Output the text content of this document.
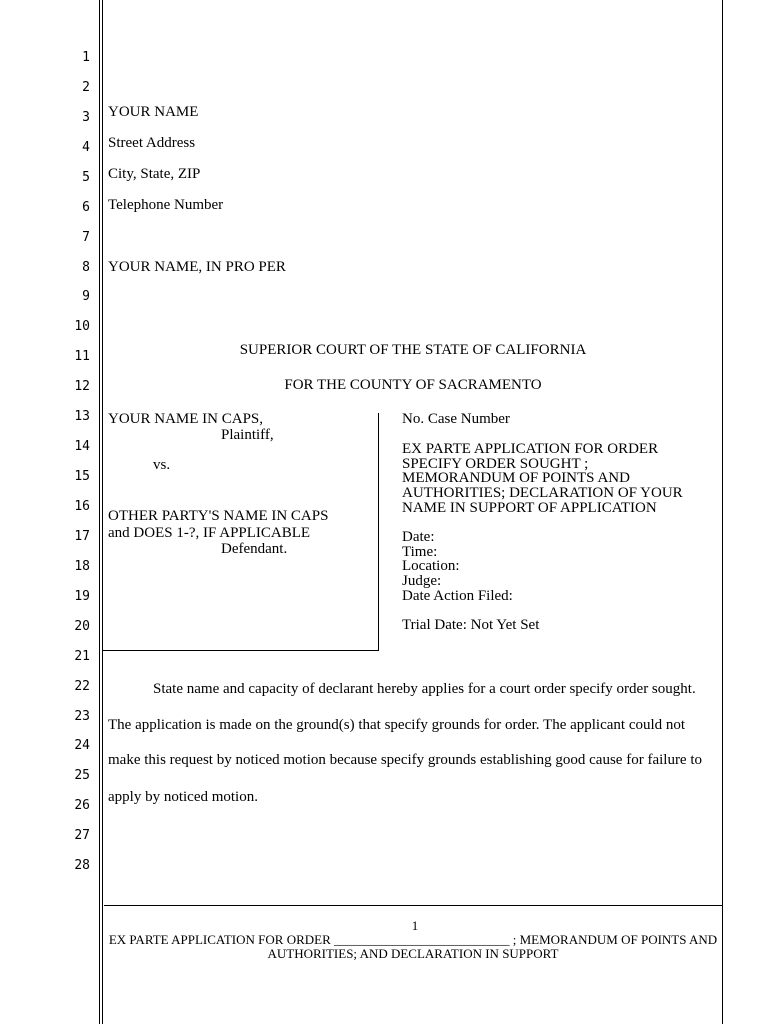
1
2
3
4
5
6
7
8
9
10
11
12
13
14
15
16
17
18
19
20
21
22
23
24
25
26
27
28
YOUR NAME
Street Address
City, State, ZIP
Telephone Number
YOUR NAME, IN PRO PER
SUPERIOR COURT OF THE STATE OF CALIFORNIA
FOR THE COUNTY OF SACRAMENTO
YOUR NAME IN CAPS,
Plaintiff,
vs.
OTHER PARTY'S NAME IN CAPS
and DOES 1-?, IF APPLICABLE
Defendant.
No. Case Number
EX PARTE APPLICATION FOR ORDER
SPECIFY ORDER SOUGHT ;
MEMORANDUM OF POINTS AND
AUTHORITIES; DECLARATION OF YOUR
NAME IN SUPPORT OF APPLICATION
Date:
Time:
Location:
Judge:
Date Action Filed:
Trial Date: Not Yet Set
State name and capacity of declarant hereby applies for a court order specify order sought.
The application is made on the ground(s) that specify grounds for order. The applicant could not
make this request by noticed motion because specify grounds establishing good cause for failure to
apply by noticed motion.
1
EX PARTE APPLICATION FOR ORDER ___________________________ ; MEMORANDUM OF POINTS AND
AUTHORITIES; AND DECLARATION IN SUPPORT
